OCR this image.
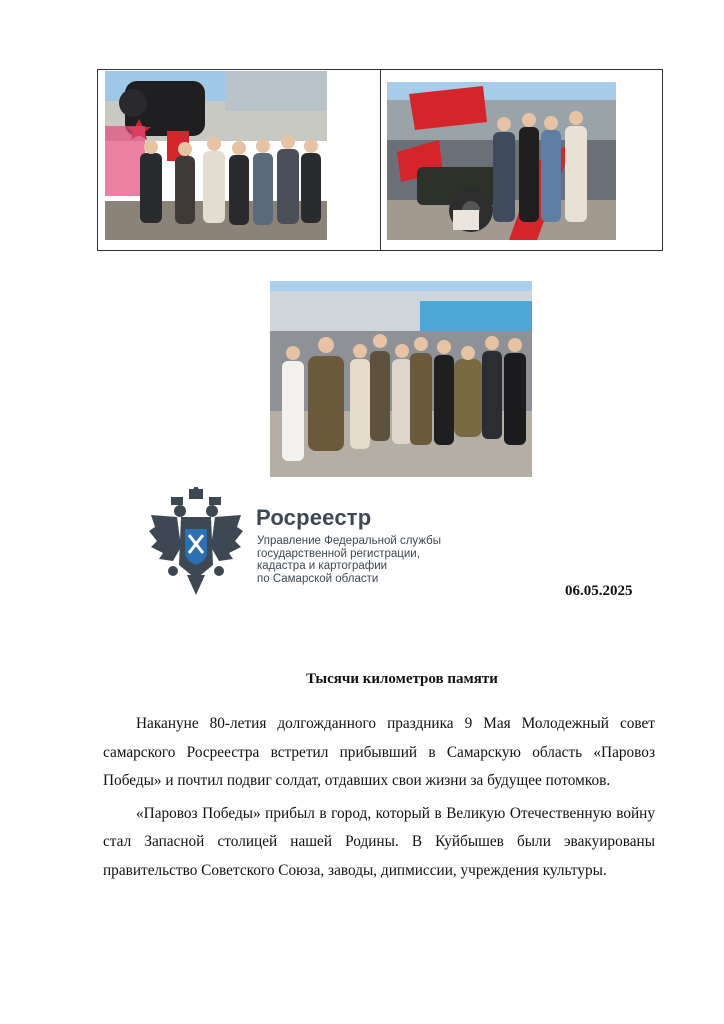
Росреестр
Управление Федеральной службы
государственной регистрации,
кадастра и картографии
по Самарской области
06.05.2025
Тысячи километров памяти

Накануне 80-летия долгожданного праздника 9 Мая Молодежный совет самарского Росреестра встретил прибывший в Самарскую область «Паровоз Победы» и почтил подвиг солдат, отдавших свои жизни за будущее потомков.

«Паровоз Победы» прибыл в город, который в Великую Отечественную войну стал Запасной столицей нашей Родины. В Куйбышев были эвакуированы правительство Советского Союза, заводы, дипмиссии, учреждения культуры.
